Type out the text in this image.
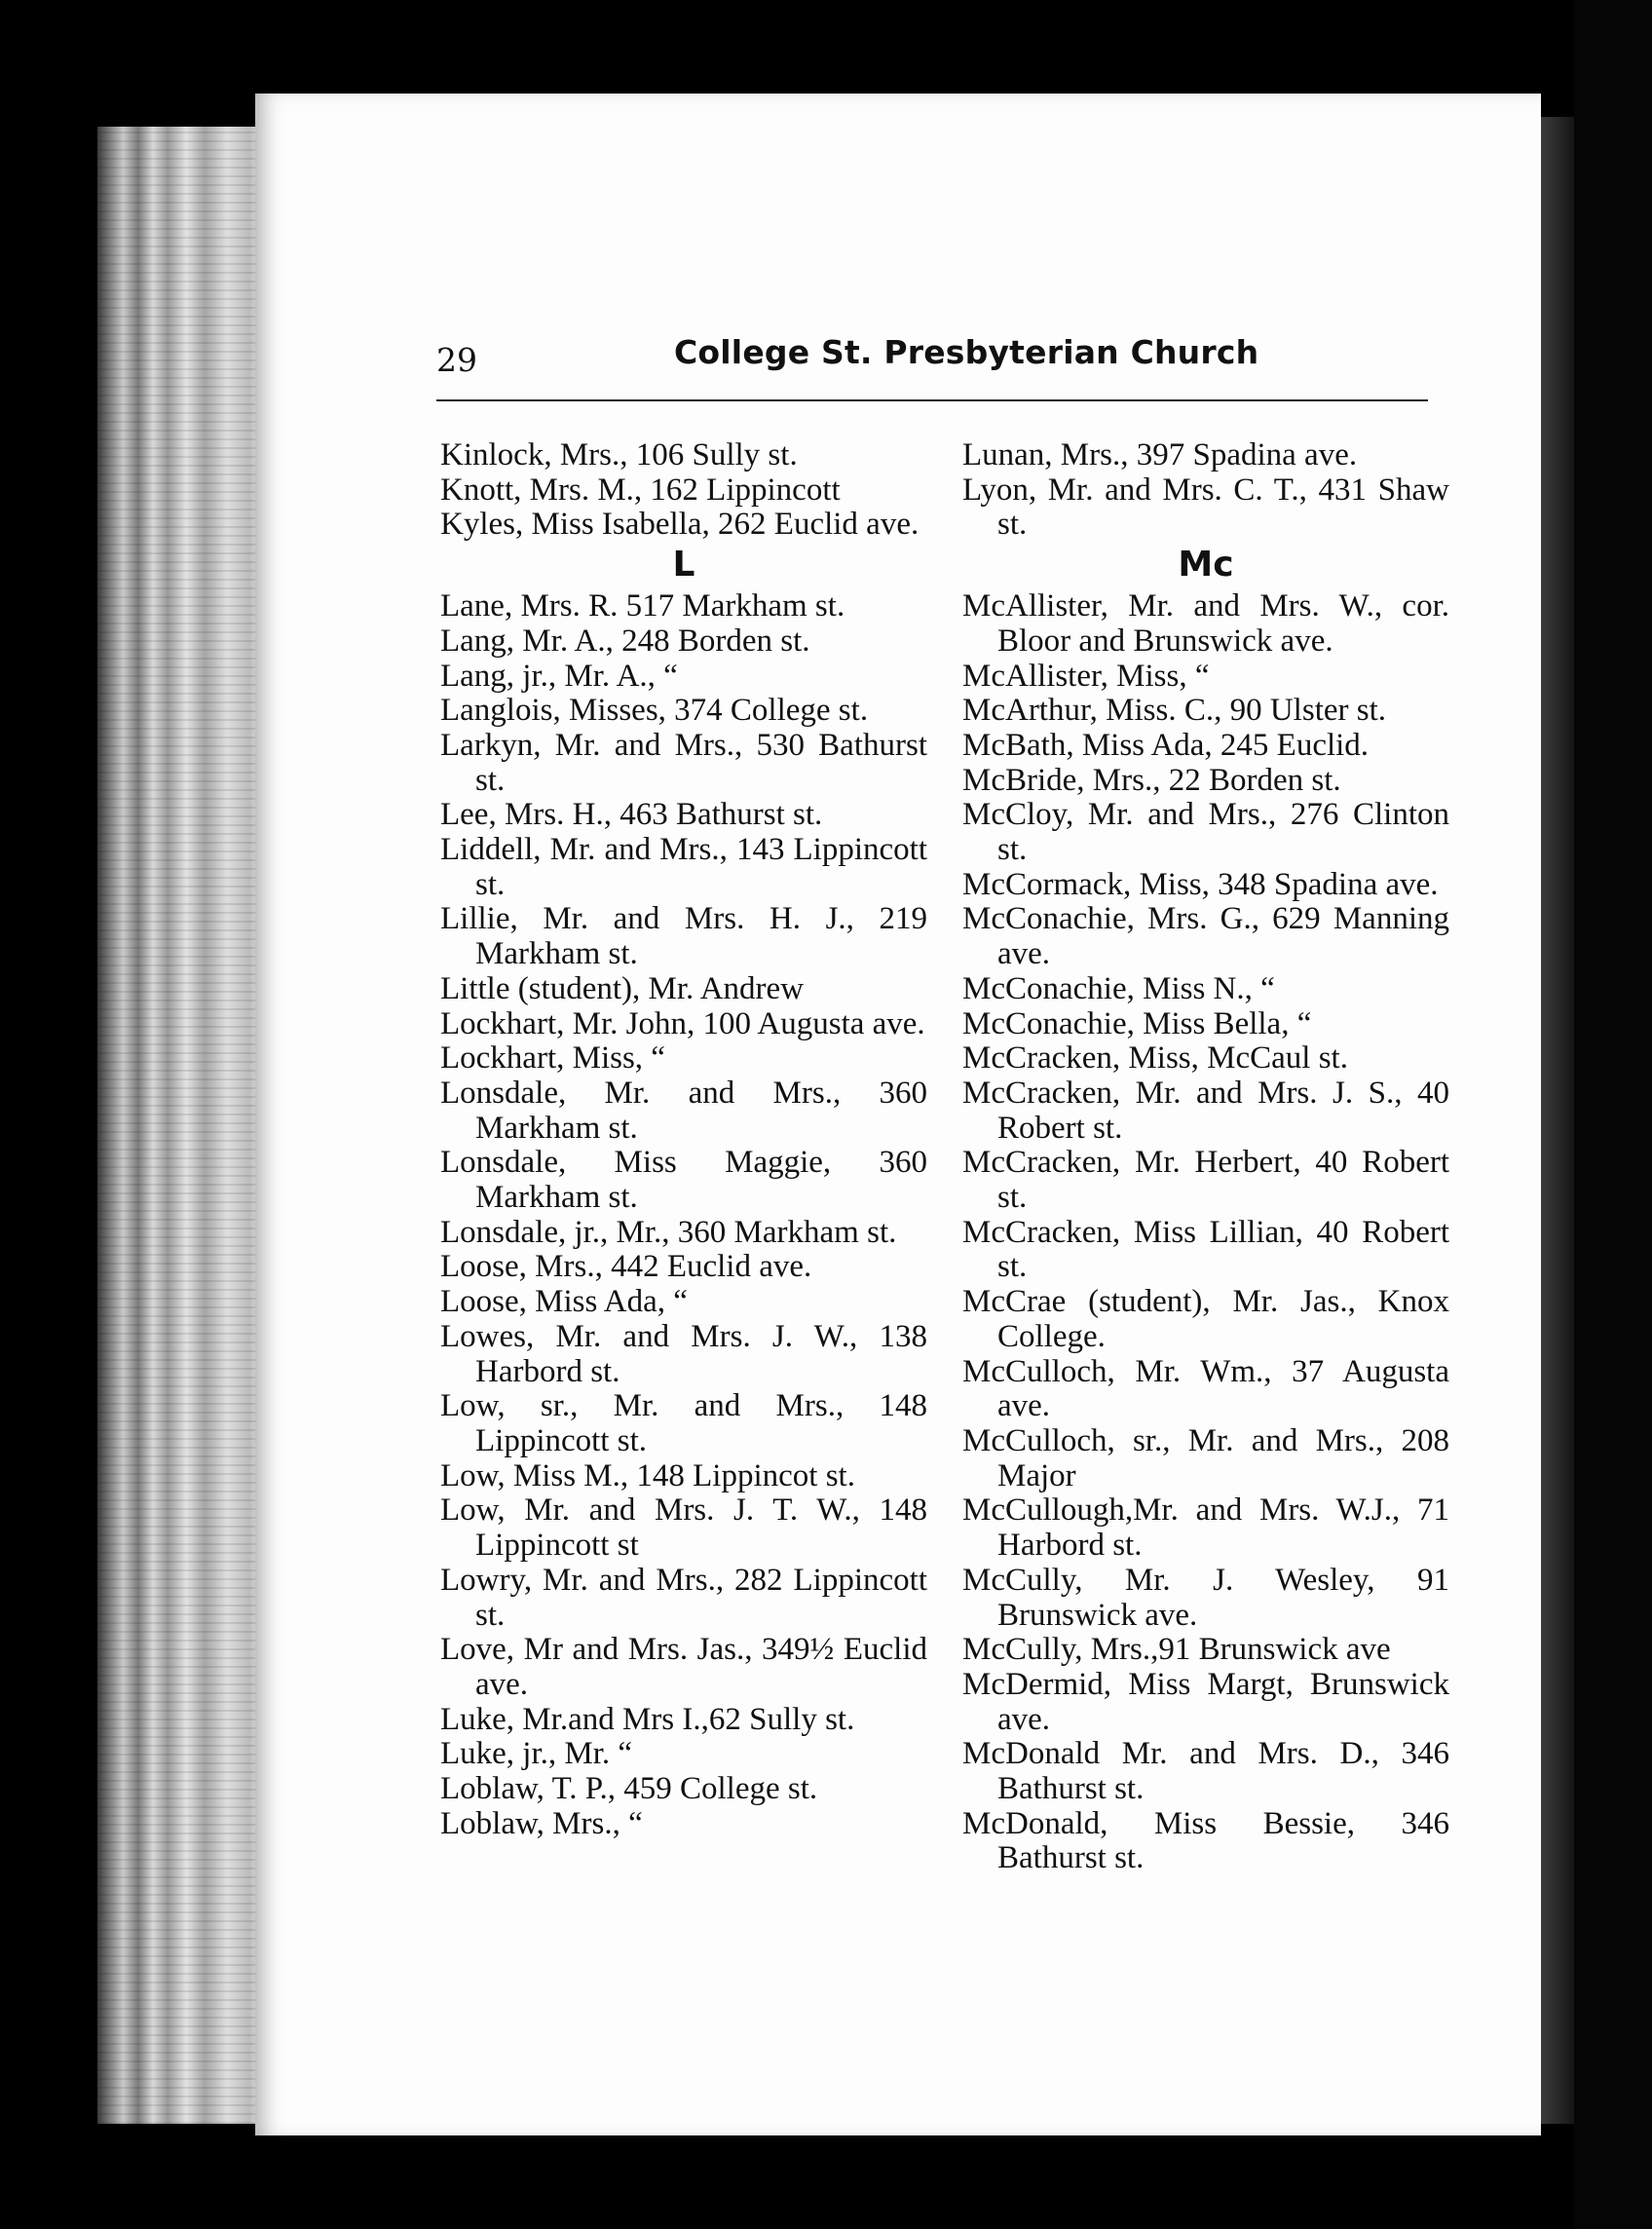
29	College St. Presbyterian Church
Kinlock, Mrs., 106 Sully st.
Knott, Mrs. M., 162 Lippincott
Kyles, Miss Isabella, 262 Euclid ave.
L
Lane, Mrs. R. 517 Markham st.
Lang, Mr. A., 248 Borden st.
Lang, jr., Mr. A., “
Langlois, Misses, 374 College st.
Larkyn, Mr. and Mrs., 530 Bathurst st.
Lee, Mrs. H., 463 Bathurst st.
Liddell, Mr. and Mrs., 143 Lippincott st.
Lillie, Mr. and Mrs. H. J., 219 Markham st.
Little (student), Mr. Andrew
Lockhart, Mr. John, 100 Augusta ave.
Lockhart, Miss, “
Lonsdale, Mr. and Mrs., 360 Markham st.
Lonsdale, Miss Maggie, 360 Markham st.
Lonsdale, jr., Mr., 360 Markham st.
Loose, Mrs., 442 Euclid ave.
Loose, Miss Ada, “
Lowes, Mr. and Mrs. J. W., 138 Harbord st.
Low, sr., Mr. and Mrs., 148 Lippincott st.
Low, Miss M., 148 Lippincot st.
Low, Mr. and Mrs. J. T. W., 148 Lippincott st
Lowry, Mr. and Mrs., 282 Lippincott st.
Love, Mr and Mrs. Jas., 349½ Euclid ave.
Luke, Mr.and Mrs I.,62 Sully st.
Luke, jr., Mr. “
Loblaw, T. P., 459 College st.
Loblaw, Mrs., “
Lunan, Mrs., 397 Spadina ave.
Lyon, Mr. and Mrs. C. T., 431 Shaw st.
Mc
McAllister, Mr. and Mrs. W., cor. Bloor and Brunswick ave.
McAllister, Miss, “
McArthur, Miss. C., 90 Ulster st.
McBath, Miss Ada, 245 Euclid.
McBride, Mrs., 22 Borden st.
McCloy, Mr. and Mrs., 276 Clinton st.
McCormack, Miss, 348 Spadina ave.
McConachie, Mrs. G., 629 Manning ave.
McConachie, Miss N., “
McConachie, Miss Bella, “
McCracken, Miss, McCaul st.
McCracken, Mr. and Mrs. J. S., 40 Robert st.
McCracken, Mr. Herbert, 40 Robert st.
McCracken, Miss Lillian, 40 Robert st.
McCrae (student), Mr. Jas., Knox College.
McCulloch, Mr. Wm., 37 Augusta ave.
McCulloch, sr., Mr. and Mrs., 208 Major
McCullough,Mr. and Mrs. W.J., 71 Harbord st.
McCully, Mr. J. Wesley, 91 Brunswick ave.
McCully, Mrs.,91 Brunswick ave
McDermid, Miss Margt, Brunswick ave.
McDonald Mr. and Mrs. D., 346 Bathurst st.
McDonald, Miss Bessie, 346 Bathurst st.
